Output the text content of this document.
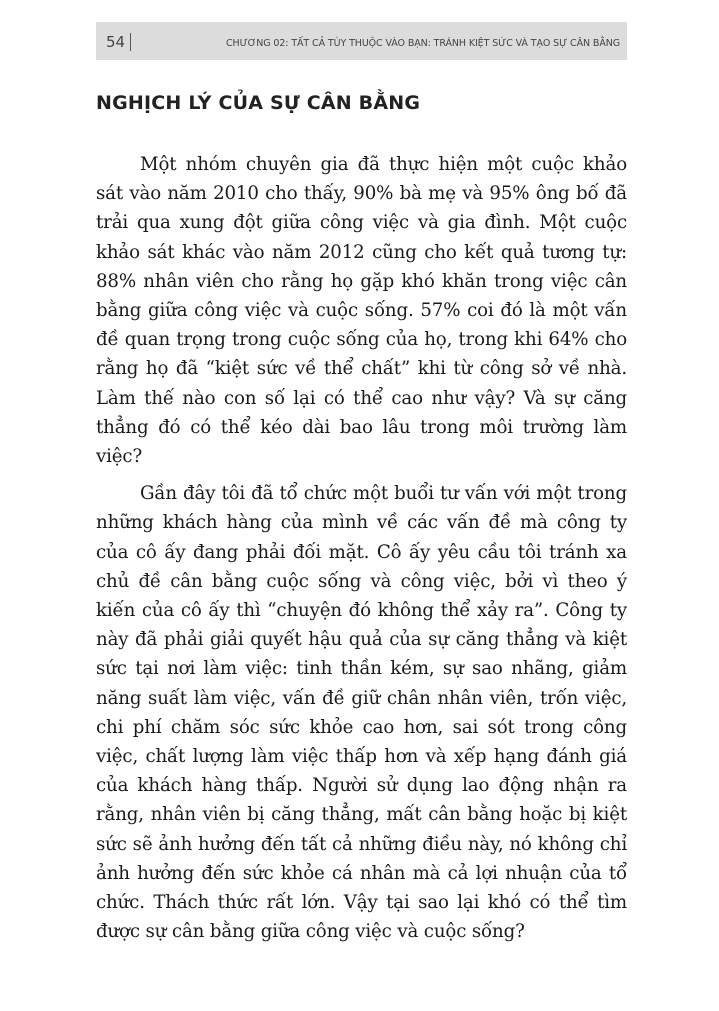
54	CHƯƠNG 02: TẤT CẢ TÙY THUỘC VÀO BẠN: TRÁNH KIỆT SỨC VÀ TẠO SỰ CÂN BẰNG
NGHỊCH LÝ CỦA SỰ CÂN BẰNG

Một nhóm chuyên gia đã thực hiện một cuộc khảo sát vào năm 2010 cho thấy, 90% bà mẹ và 95% ông bố đã trải qua xung đột giữa công việc và gia đình. Một cuộc khảo sát khác vào năm 2012 cũng cho kết quả tương tự: 88% nhân viên cho rằng họ gặp khó khăn trong việc cân bằng giữa công việc và cuộc sống. 57% coi đó là một vấn đề quan trọng trong cuộc sống của họ, trong khi 64% cho rằng họ đã “kiệt sức về thể chất” khi từ công sở về nhà. Làm thế nào con số lại có thể cao như vậy? Và sự căng thẳng đó có thể kéo dài bao lâu trong môi trường làm việc?

Gần đây tôi đã tổ chức một buổi tư vấn với một trong những khách hàng của mình về các vấn đề mà công ty của cô ấy đang phải đối mặt. Cô ấy yêu cầu tôi tránh xa chủ đề cân bằng cuộc sống và công việc, bởi vì theo ý kiến của cô ấy thì “chuyện đó không thể xảy ra”. Công ty này đã phải giải quyết hậu quả của sự căng thẳng và kiệt sức tại nơi làm việc: tinh thần kém, sự sao nhãng, giảm năng suất làm việc, vấn đề giữ chân nhân viên, trốn việc, chi phí chăm sóc sức khỏe cao hơn, sai sót trong công việc, chất lượng làm việc thấp hơn và xếp hạng đánh giá của khách hàng thấp. Người sử dụng lao động nhận ra rằng, nhân viên bị căng thẳng, mất cân bằng hoặc bị kiệt sức sẽ ảnh hưởng đến tất cả những điều này, nó không chỉ ảnh hưởng đến sức khỏe cá nhân mà cả lợi nhuận của tổ chức. Thách thức rất lớn. Vậy tại sao lại khó có thể tìm được sự cân bằng giữa công việc và cuộc sống?
